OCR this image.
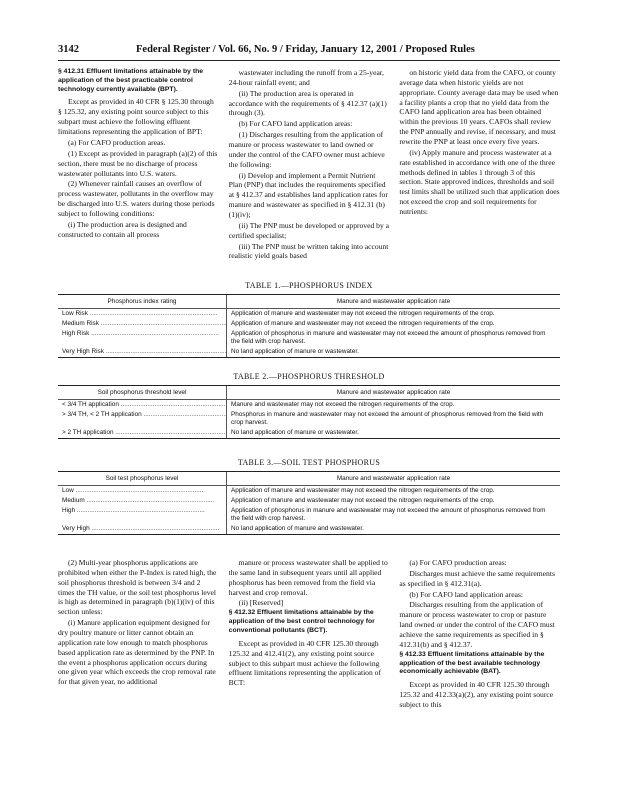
3142	Federal Register / Vol. 66, No. 9 / Friday, January 12, 2001 / Proposed Rules

§ 412.31 Effluent limitations attainable by the application of the best practicable control technology currently available (BPT).

Except as provided in 40 CFR § 125.30 through § 125.32, any existing point source subject to this subpart must achieve the following effluent limitations representing the application of BPT:

(a) For CAFO production areas.

(1) Except as provided in paragraph (a)(2) of this section, there must be no discharge of process wastewater pollutants into U.S. waters.

(2) Whenever rainfall causes an overflow of process wastewater, pollutants in the overflow may be discharged into U.S. waters during those periods subject to following conditions:

(i) The production area is designed and constructed to contain all process

wastewater including the runoff from a 25-year, 24-hour rainfall event; and

(ii) The production area is operated in accordance with the requirements of § 412.37 (a)(1) through (3).

(b) For CAFO land application areas:

(1) Discharges resulting from the application of manure or process wastewater to land owned or under the control of the CAFO owner must achieve the following:

(i) Develop and implement a Permit Nutrient Plan (PNP) that includes the requirements specified at § 412.37 and establishes land application rates for manure and wastewater as specified in § 412.31 (b)(1)(iv);

(ii) The PNP must be developed or approved by a certified specialist;

(iii) The PNP must be written taking into account realistic yield goals based

on historic yield data from the CAFO, or county average data when historic yields are not appropriate. County average data may be used when a facility plants a crop that no yield data from the CAFO land application area has been obtained within the previous 10 years. CAFOs shall review the PNP annually and revise, if necessary, and must rewrite the PNP at least once every five years.

(iv) Apply manure and process wastewater at a rate established in accordance with one of the three methods defined in tables 1 through 3 of this section. State approved indices, thresholds and soil test limits shall be utilized such that application does not exceed the crop and soil requirements for nutrients:

TABLE 1.—PHOSPHORUS INDEX
Phosphorus index rating	Manure and wastewater application rate
Low Risk .....	Application of manure and wastewater may not exceed the nitrogen requirements of the crop.
Medium Risk .....	Application of manure and wastewater may not exceed the nitrogen requirements of the crop.
High Risk .....	Application of phosphorus in manure and wastewater may not exceed the amount of phosphorus removed from the field with crop harvest.
Very High Risk .....	No land application of manure or wastewater.
TABLE 2.—PHOSPHORUS THRESHOLD
Soil phosphorus threshold level	Manure and wastewater application rate
< 3/4 TH application .....	Manure and wastewater may not exceed the nitrogen requirements of the crop.
> 3/4 TH, < 2 TH application .....	Phosphorus in manure and wastewater may not exceed the amount of phosphorus removed from the field with crop harvest.
> 2 TH application .....	No land application of manure or wastewater.
TABLE 3.—SOIL TEST PHOSPHORUS
Soil test phosphorus level	Manure and wastewater application rate
Low .....	Application of manure and wastewater may not exceed the nitrogen requirements of the crop.
Medium .....	Application of manure and wastewater may not exceed the nitrogen requirements of the crop.
High .....	Application of phosphorus in manure and wastewater may not exceed the amount of phosphorus removed from the field with crop harvest.
Very High .....	No land application of manure and wastewater.

(2) Multi-year phosphorus applications are prohibited when either the P-Index is rated high, the soil phosphorus threshold is between 3/4 and 2 times the TH value, or the soil test phosphorus level is high as determined in paragraph (b)(1)(iv) of this section unless:

(i) Manure application equipment designed for dry poultry manure or litter cannot obtain an application rate low enough to match phosphorus based application rate as determined by the PNP. In the event a phosphorus application occurs during one given year which exceeds the crop removal rate for that given year, no additional

manure or process wastewater shall be applied to the same land in subsequent years until all applied phosphorus has been removed from the field via harvest and crop removal.

(ii) [Reserved]

§ 412.32 Effluent limitations attainable by the application of the best control technology for conventional pollutants (BCT).

Except as provided in 40 CFR 125.30 through 125.32 and 412.41(2), any existing point source subject to this subpart must achieve the following effluent limitations representing the application of BCT:

(a) For CAFO production areas:

Discharges must achieve the same requirements as specified in § 412.31(a).

(b) For CAFO land application areas:

Discharges resulting from the application of manure or process wastewater to crop or pasture land owned or under the control of the CAFO must achieve the same requirements as specified in § 412.31(b) and § 412.37.

§ 412.33 Effluent limitations attainable by the application of the best available technology economically achievable (BAT).

Except as provided in 40 CFR 125.30 through 125.32 and 412.33(a)(2), any existing point source subject to this
